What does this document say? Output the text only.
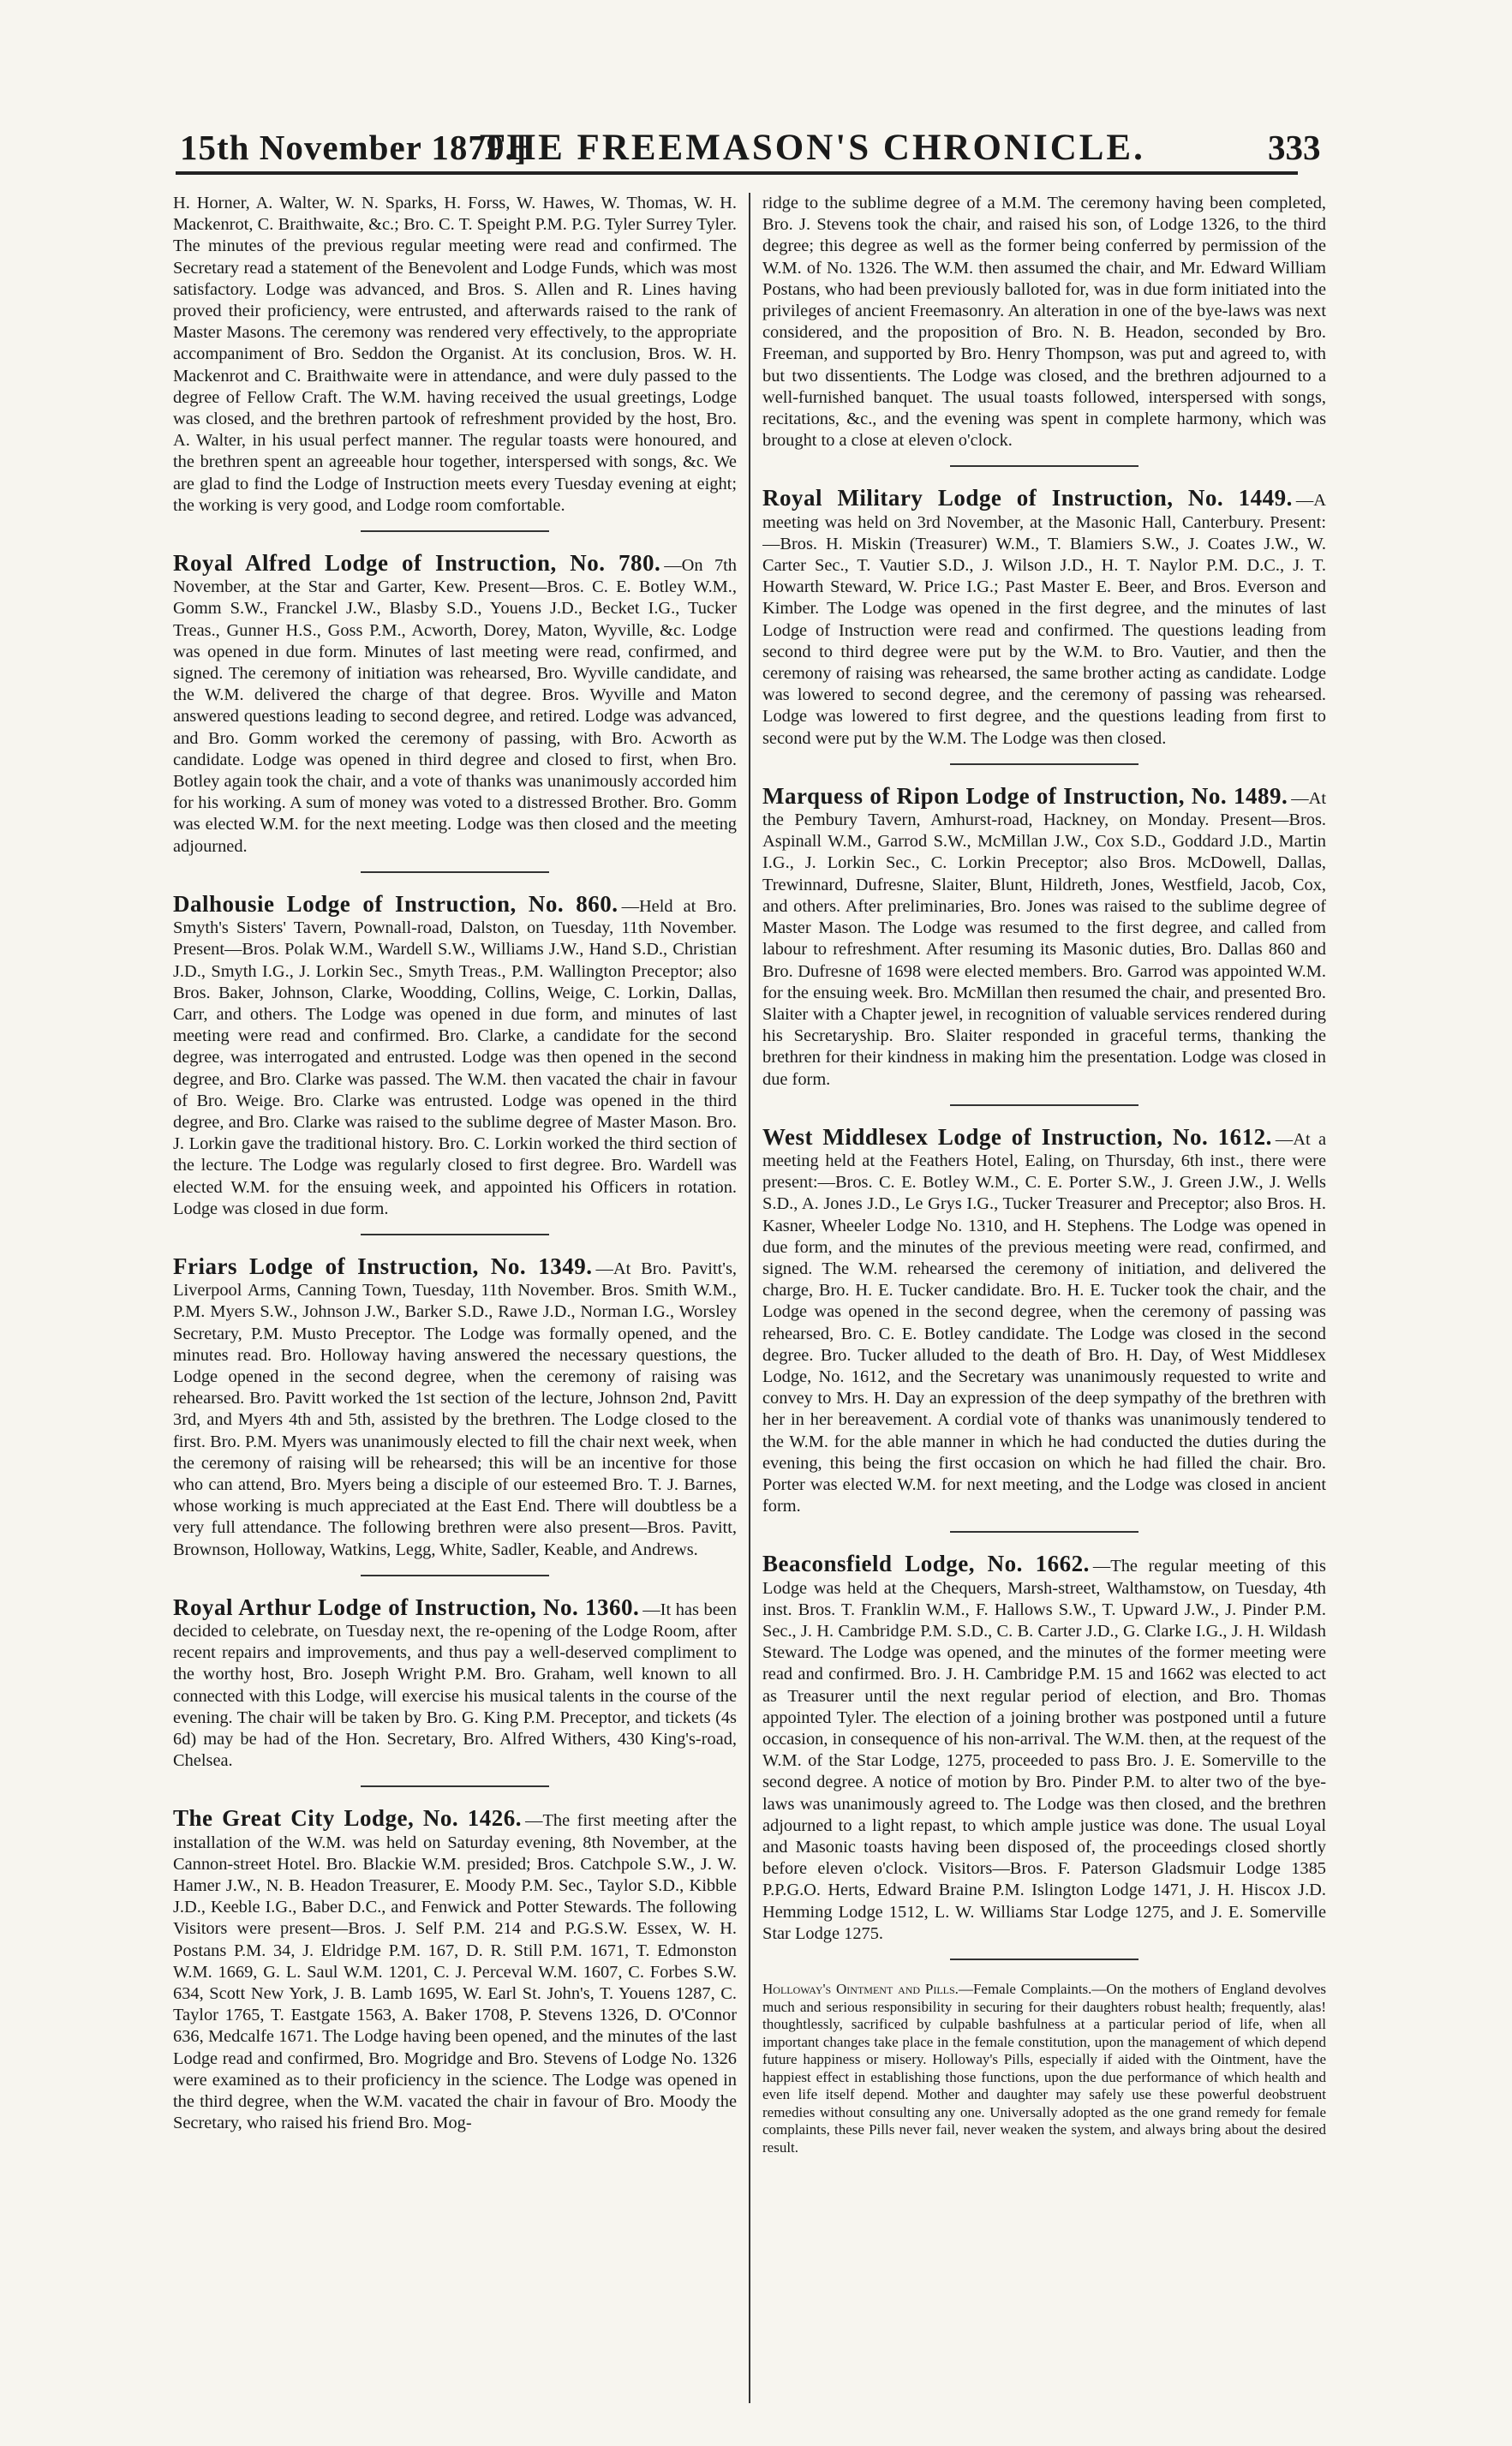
15th November 1879.]
THE FREEMASON'S CHRONICLE.	333

H. Horner, A. Walter, W. N. Sparks, H. Forss, W. Hawes, W. Thomas, W. H. Mackenrot, C. Braithwaite, &c.; Bro. C. T. Speight P.M. P.G. Tyler Surrey Tyler. The minutes of the previous regular meeting were read and confirmed. The Secretary read a statement of the Benevolent and Lodge Funds, which was most satisfactory. Lodge was advanced, and Bros. S. Allen and R. Lines having proved their proficiency, were entrusted, and afterwards raised to the rank of Master Masons. The ceremony was rendered very effectively, to the appropriate accompaniment of Bro. Seddon the Organist. At its conclusion, Bros. W. H. Mackenrot and C. Braithwaite were in attendance, and were duly passed to the degree of Fellow Craft. The W.M. having received the usual greetings, Lodge was closed, and the brethren partook of refreshment provided by the host, Bro. A. Walter, in his usual perfect manner. The regular toasts were honoured, and the brethren spent an agreeable hour together, interspersed with songs, &c. We are glad to find the Lodge of Instruction meets every Tuesday evening at eight; the working is very good, and Lodge room comfortable.

Royal Alfred Lodge of Instruction, No. 780. —On 7th November, at the Star and Garter, Kew. Present—Bros. C. E. Botley W.M., Gomm S.W., Franckel J.W., Blasby S.D., Youens J.D., Becket I.G., Tucker Treas., Gunner H.S., Goss P.M., Acworth, Dorey, Maton, Wyville, &c. Lodge was opened in due form. Minutes of last meeting were read, confirmed, and signed. The ceremony of initiation was rehearsed, Bro. Wyville candidate, and the W.M. delivered the charge of that degree. Bros. Wyville and Maton answered questions leading to second degree, and retired. Lodge was advanced, and Bro. Gomm worked the ceremony of passing, with Bro. Acworth as candidate. Lodge was opened in third degree and closed to first, when Bro. Botley again took the chair, and a vote of thanks was unanimously accorded him for his working. A sum of money was voted to a distressed Brother. Bro. Gomm was elected W.M. for the next meeting. Lodge was then closed and the meeting adjourned.

Dalhousie Lodge of Instruction, No. 860. —Held at Bro. Smyth's Sisters' Tavern, Pownall-road, Dalston, on Tuesday, 11th November. Present—Bros. Polak W.M., Wardell S.W., Williams J.W., Hand S.D., Christian J.D., Smyth I.G., J. Lorkin Sec., Smyth Treas., P.M. Wallington Preceptor; also Bros. Baker, Johnson, Clarke, Woodding, Collins, Weige, C. Lorkin, Dallas, Carr, and others. The Lodge was opened in due form, and minutes of last meeting were read and confirmed. Bro. Clarke, a candidate for the second degree, was interrogated and entrusted. Lodge was then opened in the second degree, and Bro. Clarke was passed. The W.M. then vacated the chair in favour of Bro. Weige. Bro. Clarke was entrusted. Lodge was opened in the third degree, and Bro. Clarke was raised to the sublime degree of Master Mason. Bro. J. Lorkin gave the traditional history. Bro. C. Lorkin worked the third section of the lecture. The Lodge was regularly closed to first degree. Bro. Wardell was elected W.M. for the ensuing week, and appointed his Officers in rotation. Lodge was closed in due form.

Friars Lodge of Instruction, No. 1349. —At Bro. Pavitt's, Liverpool Arms, Canning Town, Tuesday, 11th November. Bros. Smith W.M., P.M. Myers S.W., Johnson J.W., Barker S.D., Rawe J.D., Norman I.G., Worsley Secretary, P.M. Musto Preceptor. The Lodge was formally opened, and the minutes read. Bro. Holloway having answered the necessary questions, the Lodge opened in the second degree, when the ceremony of raising was rehearsed. Bro. Pavitt worked the 1st section of the lecture, Johnson 2nd, Pavitt 3rd, and Myers 4th and 5th, assisted by the brethren. The Lodge closed to the first. Bro. P.M. Myers was unanimously elected to fill the chair next week, when the ceremony of raising will be rehearsed; this will be an incentive for those who can attend, Bro. Myers being a disciple of our esteemed Bro. T. J. Barnes, whose working is much appreciated at the East End. There will doubtless be a very full attendance. The following brethren were also present—Bros. Pavitt, Brownson, Holloway, Watkins, Legg, White, Sadler, Keable, and Andrews.

Royal Arthur Lodge of Instruction, No. 1360. —It has been decided to celebrate, on Tuesday next, the re-opening of the Lodge Room, after recent repairs and improvements, and thus pay a well-deserved compliment to the worthy host, Bro. Joseph Wright P.M. Bro. Graham, well known to all connected with this Lodge, will exercise his musical talents in the course of the evening. The chair will be taken by Bro. G. King P.M. Preceptor, and tickets (4s 6d) may be had of the Hon. Secretary, Bro. Alfred Withers, 430 King's-road, Chelsea.

The Great City Lodge, No. 1426. —The first meeting after the installation of the W.M. was held on Saturday evening, 8th November, at the Cannon-street Hotel. Bro. Blackie W.M. presided; Bros. Catchpole S.W., J. W. Hamer J.W., N. B. Headon Treasurer, E. Moody P.M. Sec., Taylor S.D., Kibble J.D., Keeble I.G., Baber D.C., and Fenwick and Potter Stewards. The following Visitors were present—Bros. J. Self P.M. 214 and P.G.S.W. Essex, W. H. Postans P.M. 34, J. Eldridge P.M. 167, D. R. Still P.M. 1671, T. Edmonston W.M. 1669, G. L. Saul W.M. 1201, C. J. Perceval W.M. 1607, C. Forbes S.W. 634, Scott New York, J. B. Lamb 1695, W. Earl St. John's, T. Youens 1287, C. Taylor 1765, T. Eastgate 1563, A. Baker 1708, P. Stevens 1326, D. O'Connor 636, Medcalfe 1671. The Lodge having been opened, and the minutes of the last Lodge read and confirmed, Bro. Mogridge and Bro. Stevens of Lodge No. 1326 were examined as to their proficiency in the science. The Lodge was opened in the third degree, when the W.M. vacated the chair in favour of Bro. Moody the Secretary, who raised his friend Bro. Mog-

ridge to the sublime degree of a M.M. The ceremony having been completed, Bro. J. Stevens took the chair, and raised his son, of Lodge 1326, to the third degree; this degree as well as the former being conferred by permission of the W.M. of No. 1326. The W.M. then assumed the chair, and Mr. Edward William Postans, who had been previously balloted for, was in due form initiated into the privileges of ancient Freemasonry. An alteration in one of the bye-laws was next considered, and the proposition of Bro. N. B. Headon, seconded by Bro. Freeman, and supported by Bro. Henry Thompson, was put and agreed to, with but two dissentients. The Lodge was closed, and the brethren adjourned to a well-furnished banquet. The usual toasts followed, interspersed with songs, recitations, &c., and the evening was spent in complete harmony, which was brought to a close at eleven o'clock.

Royal Military Lodge of Instruction, No. 1449. —A meeting was held on 3rd November, at the Masonic Hall, Canterbury. Present:—Bros. H. Miskin (Treasurer) W.M., T. Blamiers S.W., J. Coates J.W., W. Carter Sec., T. Vautier S.D., J. Wilson J.D., H. T. Naylor P.M. D.C., J. T. Howarth Steward, W. Price I.G.; Past Master E. Beer, and Bros. Everson and Kimber. The Lodge was opened in the first degree, and the minutes of last Lodge of Instruction were read and confirmed. The questions leading from second to third degree were put by the W.M. to Bro. Vautier, and then the ceremony of raising was rehearsed, the same brother acting as candidate. Lodge was lowered to second degree, and the ceremony of passing was rehearsed. Lodge was lowered to first degree, and the questions leading from first to second were put by the W.M. The Lodge was then closed.

Marquess of Ripon Lodge of Instruction, No. 1489. —At the Pembury Tavern, Amhurst-road, Hackney, on Monday. Present—Bros. Aspinall W.M., Garrod S.W., McMillan J.W., Cox S.D., Goddard J.D., Martin I.G., J. Lorkin Sec., C. Lorkin Preceptor; also Bros. McDowell, Dallas, Trewinnard, Dufresne, Slaiter, Blunt, Hildreth, Jones, Westfield, Jacob, Cox, and others. After preliminaries, Bro. Jones was raised to the sublime degree of Master Mason. The Lodge was resumed to the first degree, and called from labour to refreshment. After resuming its Masonic duties, Bro. Dallas 860 and Bro. Dufresne of 1698 were elected members. Bro. Garrod was appointed W.M. for the ensuing week. Bro. McMillan then resumed the chair, and presented Bro. Slaiter with a Chapter jewel, in recognition of valuable services rendered during his Secretaryship. Bro. Slaiter responded in graceful terms, thanking the brethren for their kindness in making him the presentation. Lodge was closed in due form.

West Middlesex Lodge of Instruction, No. 1612. —At a meeting held at the Feathers Hotel, Ealing, on Thursday, 6th inst., there were present:—Bros. C. E. Botley W.M., C. E. Porter S.W., J. Green J.W., J. Wells S.D., A. Jones J.D., Le Grys I.G., Tucker Treasurer and Preceptor; also Bros. H. Kasner, Wheeler Lodge No. 1310, and H. Stephens. The Lodge was opened in due form, and the minutes of the previous meeting were read, confirmed, and signed. The W.M. rehearsed the ceremony of initiation, and delivered the charge, Bro. H. E. Tucker candidate. Bro. H. E. Tucker took the chair, and the Lodge was opened in the second degree, when the ceremony of passing was rehearsed, Bro. C. E. Botley candidate. The Lodge was closed in the second degree. Bro. Tucker alluded to the death of Bro. H. Day, of West Middlesex Lodge, No. 1612, and the Secretary was unanimously requested to write and convey to Mrs. H. Day an expression of the deep sympathy of the brethren with her in her bereavement. A cordial vote of thanks was unanimously tendered to the W.M. for the able manner in which he had conducted the duties during the evening, this being the first occasion on which he had filled the chair. Bro. Porter was elected W.M. for next meeting, and the Lodge was closed in ancient form.

Beaconsfield Lodge, No. 1662. —The regular meeting of this Lodge was held at the Chequers, Marsh-street, Walthamstow, on Tuesday, 4th inst. Bros. T. Franklin W.M., F. Hallows S.W., T. Upward J.W., J. Pinder P.M. Sec., J. H. Cambridge P.M. S.D., C. B. Carter J.D., G. Clarke I.G., J. H. Wildash Steward. The Lodge was opened, and the minutes of the former meeting were read and confirmed. Bro. J. H. Cambridge P.M. 15 and 1662 was elected to act as Treasurer until the next regular period of election, and Bro. Thomas appointed Tyler. The election of a joining brother was postponed until a future occasion, in consequence of his non-arrival. The W.M. then, at the request of the W.M. of the Star Lodge, 1275, proceeded to pass Bro. J. E. Somerville to the second degree. A notice of motion by Bro. Pinder P.M. to alter two of the bye-laws was unanimously agreed to. The Lodge was then closed, and the brethren adjourned to a light repast, to which ample justice was done. The usual Loyal and Masonic toasts having been disposed of, the proceedings closed shortly before eleven o'clock. Visitors—Bros. F. Paterson Gladsmuir Lodge 1385 P.P.G.O. Herts, Edward Braine P.M. Islington Lodge 1471, J. H. Hiscox J.D. Hemming Lodge 1512, L. W. Williams Star Lodge 1275, and J. E. Somerville Star Lodge 1275.

Holloway's Ointment and Pills.—Female Complaints.—On the mothers of England devolves much and serious responsibility in securing for their daughters robust health; frequently, alas! thoughtlessly, sacrificed by culpable bashfulness at a particular period of life, when all important changes take place in the female constitution, upon the management of which depend future happiness or misery. Holloway's Pills, especially if aided with the Ointment, have the happiest effect in establishing those functions, upon the due performance of which health and even life itself depend. Mother and daughter may safely use these powerful deobstruent remedies without consulting any one. Universally adopted as the one grand remedy for female complaints, these Pills never fail, never weaken the system, and always bring about the desired result.
